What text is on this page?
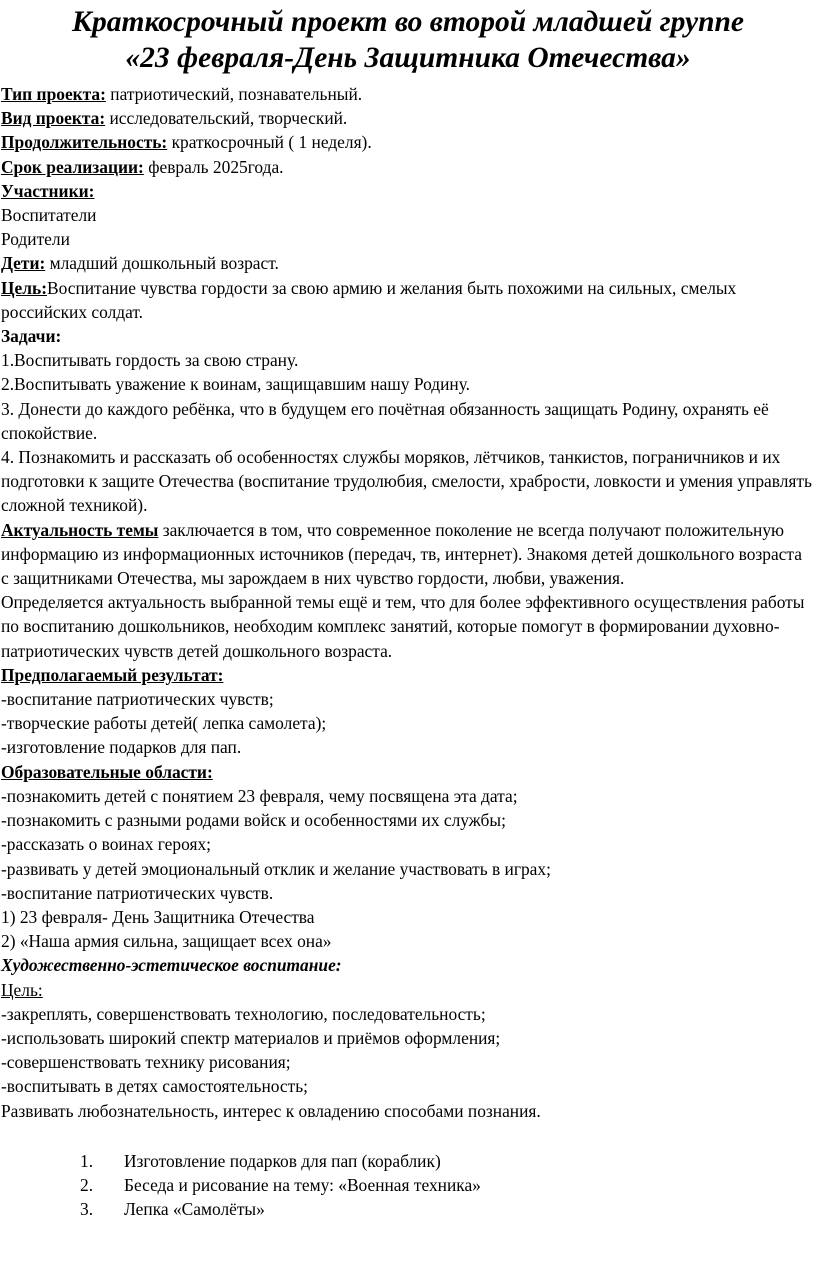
Краткосрочный проект во второй младшей группе
«23 февраля-День Защитника Отечества»
Тип проекта: патриотический, познавательный.
Вид проекта: исследовательский, творческий.
Продолжительность: краткосрочный ( 1 неделя).
Срок реализации: февраль 2025года.
Участники:
Воспитатели
Родители
Дети: младший дошкольный возраст.
Цель:Воспитание чувства гордости за свою армию и желания быть похожими на сильных, смелых российских солдат.
Задачи:
1.Воспитывать гордость за свою страну.
2.Воспитывать уважение к воинам, защищавшим нашу Родину.
3. Донести до каждого ребёнка, что в будущем его почётная обязанность защищать Родину, охранять её спокойствие.
4. Познакомить и рассказать об особенностях службы моряков, лётчиков, танкистов, пограничников и их подготовки к защите Отечества (воспитание трудолюбия, смелости, храбрости, ловкости и умения управлять сложной техникой).
Актуальность темы заключается в том, что современное поколение не всегда получают положительную информацию из информационных источников (передач, тв, интернет). Знакомя детей дошкольного возраста с защитниками Отечества, мы зарождаем в них чувство гордости, любви, уважения.
Определяется актуальность выбранной темы ещё и тем, что для более эффективного осуществления работы по воспитанию дошкольников, необходим комплекс занятий, которые помогут в формировании духовно-патриотических чувств детей дошкольного возраста.
Предполагаемый результат:
-воспитание патриотических чувств;
-творческие работы детей( лепка самолета);
-изготовление подарков для пап.
Образовательные области:
-познакомить детей с понятием 23 февраля, чему посвящена эта дата;
-познакомить с разными родами войск и особенностями их службы;
-рассказать о воинах героях;
-развивать у детей эмоциональный отклик и желание участвовать в играх;
-воспитание патриотических чувств.
1) 23 февраля- День Защитника Отечества
2) «Наша армия сильна, защищает всех она»
Художественно-эстетическое воспитание:
Цель:
-закреплять, совершенствовать технологию, последовательность;
-использовать широкий спектр материалов и приёмов оформления;
-совершенствовать технику рисования;
-воспитывать в детях самостоятельность;
Развивать любознательность, интерес к овладению способами познания.
1. Изготовление подарков для пап (кораблик)
2. Беседа и рисование на тему: «Военная техника»
3. Лепка «Самолёты»
